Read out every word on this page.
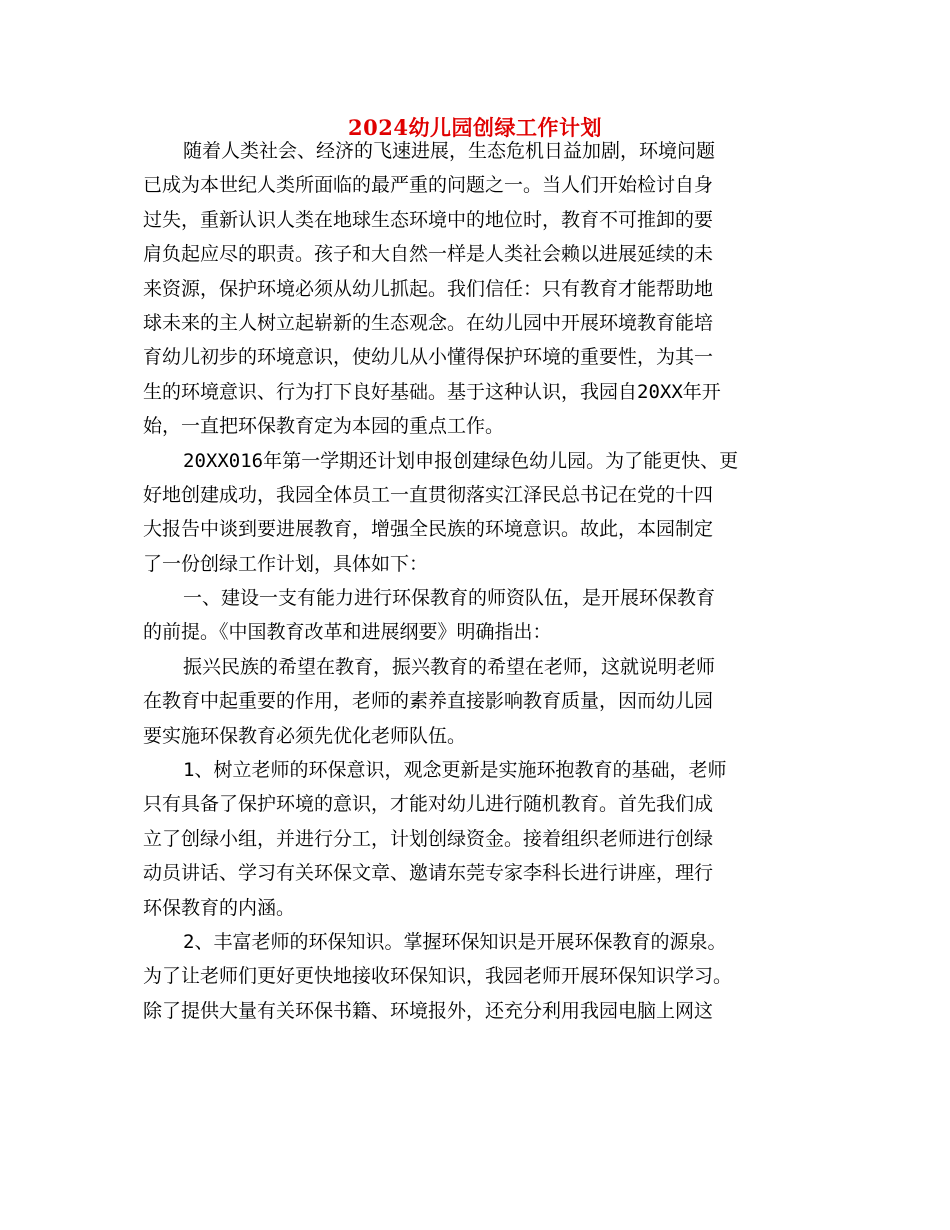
2024幼儿园创绿工作计划
随着人类社会、经济的飞速进展，生态危机日益加剧，环境问题
已成为本世纪人类所面临的最严重的问题之一。当人们开始检讨自身
过失，重新认识人类在地球生态环境中的地位时，教育不可推卸的要
肩负起应尽的职责。孩子和大自然一样是人类社会赖以进展延续的未
来资源，保护环境必须从幼儿抓起。我们信任：只有教育才能帮助地
球未来的主人树立起崭新的生态观念。在幼儿园中开展环境教育能培
育幼儿初步的环境意识，使幼儿从小懂得保护环境的重要性，为其一
生的环境意识、行为打下良好基础。基于这种认识，我园自20XX年开
始，一直把环保教育定为本园的重点工作。
20XX016年第一学期还计划申报创建绿色幼儿园。为了能更快、更
好地创建成功，我园全体员工一直贯彻落实江泽民总书记在党的十四
大报告中谈到要进展教育，增强全民族的环境意识。故此，本园制定
了一份创绿工作计划，具体如下：
一、建设一支有能力进行环保教育的师资队伍，是开展环保教育
的前提。《中国教育改革和进展纲要》明确指出：
振兴民族的希望在教育，振兴教育的希望在老师，这就说明老师
在教育中起重要的作用，老师的素养直接影响教育质量，因而幼儿园
要实施环保教育必须先优化老师队伍。
1、树立老师的环保意识，观念更新是实施环抱教育的基础，老师
只有具备了保护环境的意识，才能对幼儿进行随机教育。首先我们成
立了创绿小组，并进行分工，计划创绿资金。接着组织老师进行创绿
动员讲话、学习有关环保文章、邀请东莞专家李科长进行讲座，理行
环保教育的内涵。
2、丰富老师的环保知识。掌握环保知识是开展环保教育的源泉。
为了让老师们更好更快地接收环保知识，我园老师开展环保知识学习。
除了提供大量有关环保书籍、环境报外，还充分利用我园电脑上网这
